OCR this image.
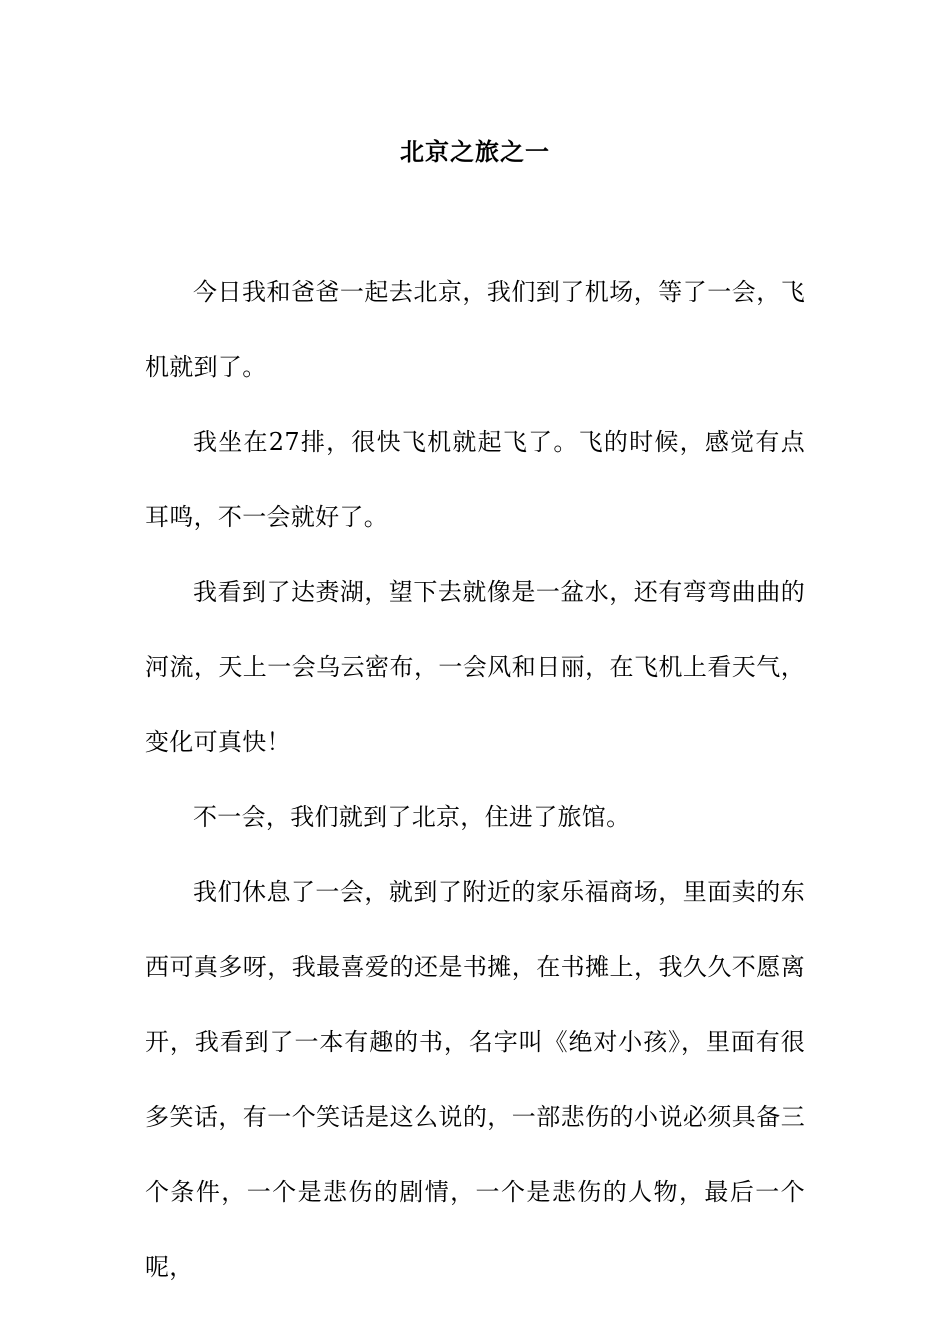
北京之旅之一

今日我和爸爸一起去北京，我们到了机场，等了一会，飞机就到了。

我坐在27排，很快飞机就起飞了。飞的时候，感觉有点耳鸣，不一会就好了。

我看到了达赉湖，望下去就像是一盆水，还有弯弯曲曲的河流，天上一会乌云密布，一会风和日丽，在飞机上看天气，变化可真快！

不一会，我们就到了北京，住进了旅馆。

我们休息了一会，就到了附近的家乐福商场，里面卖的东西可真多呀，我最喜爱的还是书摊，在书摊上，我久久不愿离开，我看到了一本有趣的书，名字叫《绝对小孩》，里面有很多笑话，有一个笑话是这么说的，一部悲伤的小说必须具备三个条件，一个是悲伤的剧情，一个是悲伤的人物，最后一个呢，
